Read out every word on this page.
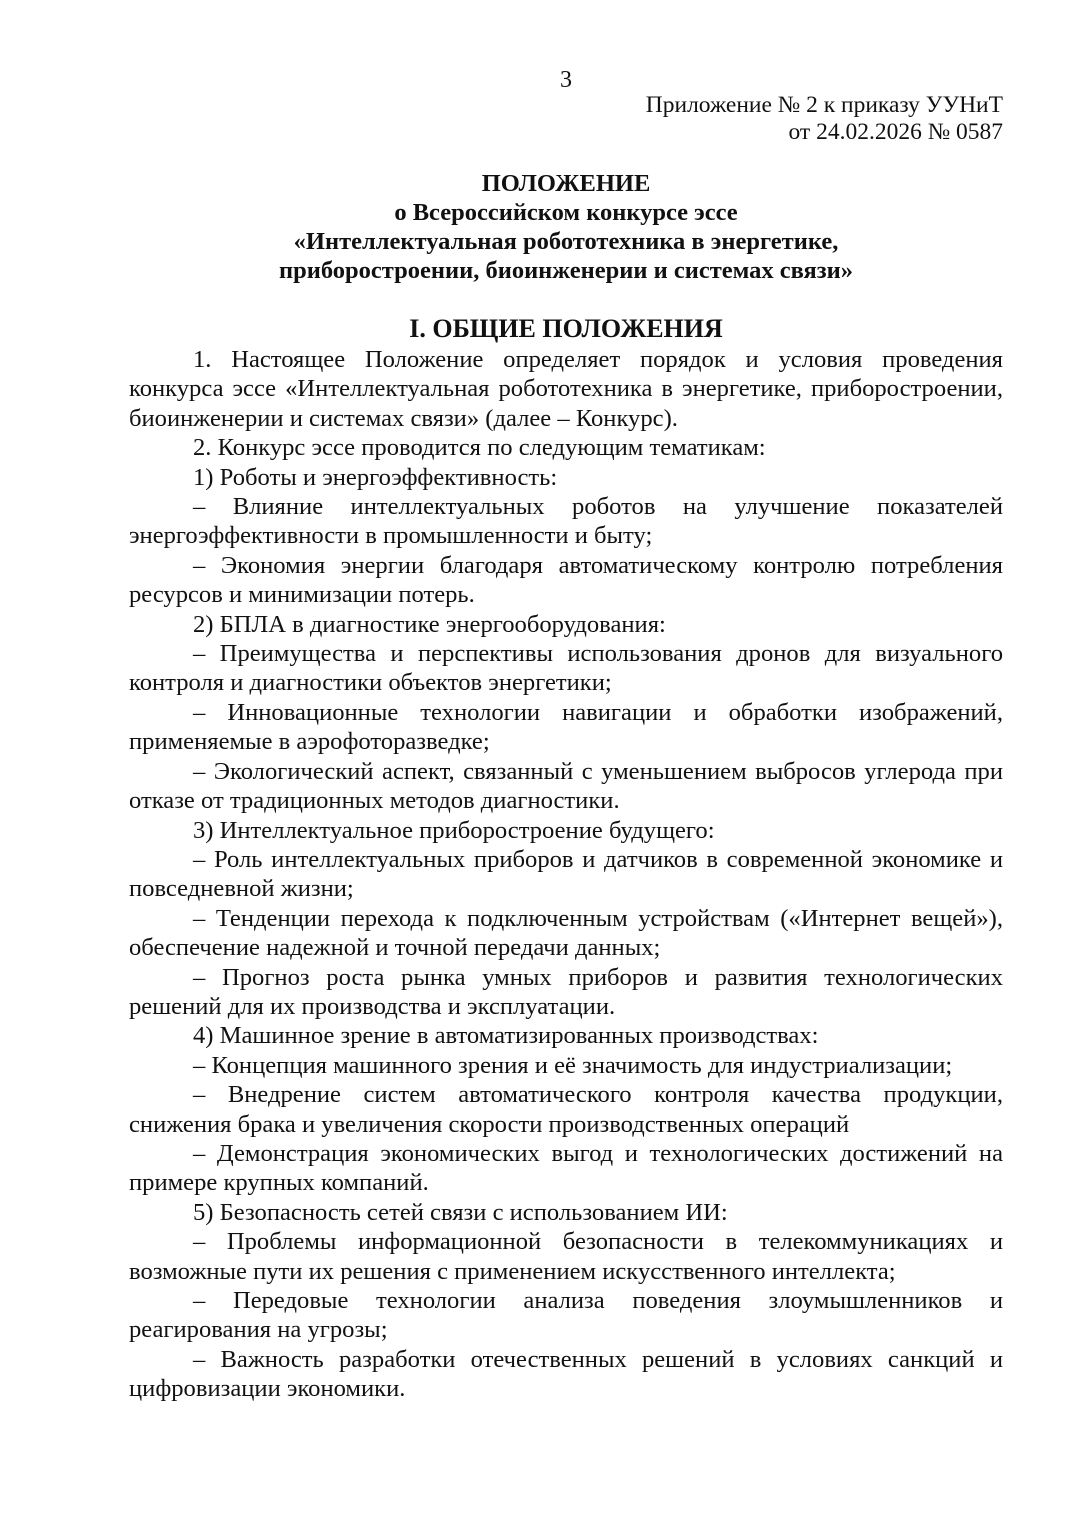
3
Приложение № 2 к приказу УУНиТ
от 24.02.2026 № 0587
ПОЛОЖЕНИЕ
о Всероссийском конкурсе эссе
«Интеллектуальная робототехника в энергетике,
приборостроении, биоинженерии и системах связи»
I. ОБЩИЕ ПОЛОЖЕНИЯ

1. Настоящее Положение определяет порядок и условия проведения конкурса эссе «Интеллектуальная робототехника в энергетике, приборостроении, биоинженерии и системах связи» (далее – Конкурс).

2. Конкурс эссе проводится по следующим тематикам:

1) Роботы и энергоэффективность:

– Влияние интеллектуальных роботов на улучшение показателей энергоэффективности в промышленности и быту;

– Экономия энергии благодаря автоматическому контролю потребления ресурсов и минимизации потерь.

2) БПЛА в диагностике энергооборудования:

– Преимущества и перспективы использования дронов для визуального контроля и диагностики объектов энергетики;

– Инновационные технологии навигации и обработки изображений, применяемые в аэрофоторазведке;

– Экологический аспект, связанный с уменьшением выбросов углерода при отказе от традиционных методов диагностики.

3) Интеллектуальное приборостроение будущего:

– Роль интеллектуальных приборов и датчиков в современной экономике и повседневной жизни;

– Тенденции перехода к подключенным устройствам («Интернет вещей»), обеспечение надежной и точной передачи данных;

– Прогноз роста рынка умных приборов и развития технологических решений для их производства и эксплуатации.

4) Машинное зрение в автоматизированных производствах:

– Концепция машинного зрения и её значимость для индустриализации;

– Внедрение систем автоматического контроля качества продукции, снижения брака и увеличения скорости производственных операций

– Демонстрация экономических выгод и технологических достижений на примере крупных компаний.

5) Безопасность сетей связи с использованием ИИ:

– Проблемы информационной безопасности в телекоммуникациях и возможные пути их решения с применением искусственного интеллекта;

– Передовые технологии анализа поведения злоумышленников и реагирования на угрозы;

– Важность разработки отечественных решений в условиях санкций и цифровизации экономики.
